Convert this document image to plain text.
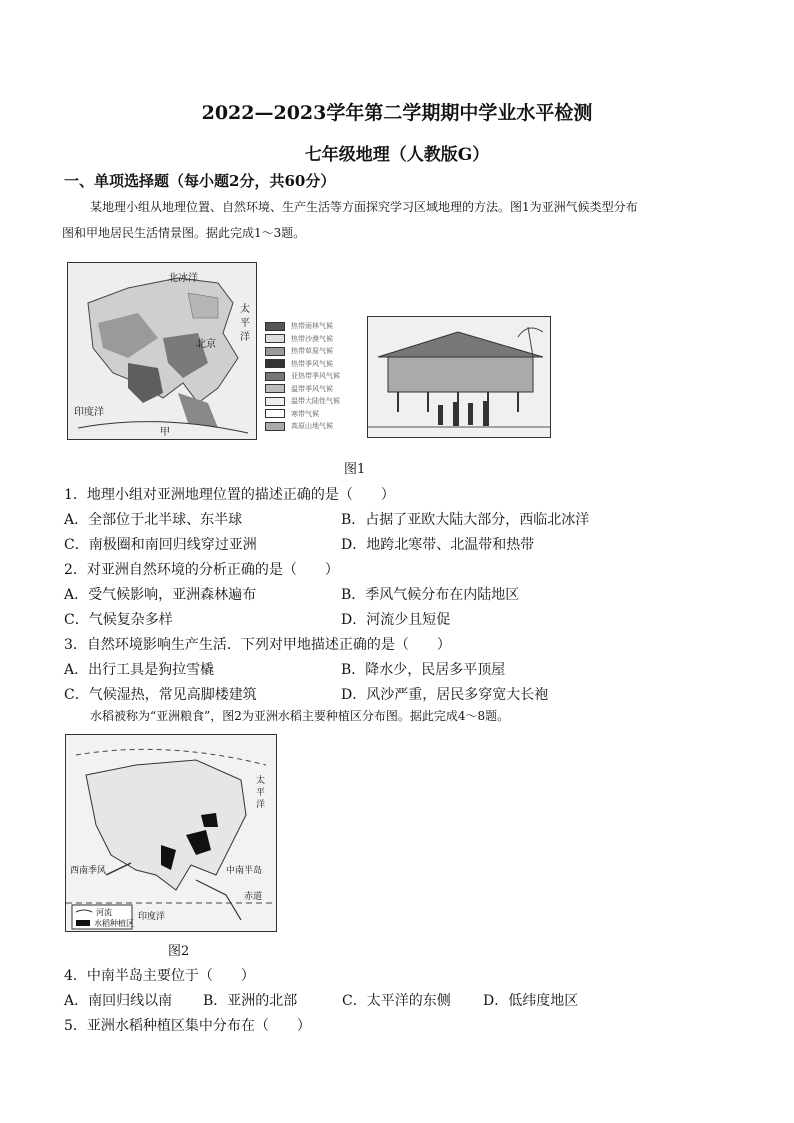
2022—2023学年第二学期期中学业水平检测
七年级地理（人教版G）
一、单项选择题（每小题2分，共60分）
某地理小组从地理位置、自然环境、生产生活等方面探究学习区域地理的方法。图1为亚洲气候类型分布
图和甲地居民生活情景图。据此完成1～3题。
北冰洋
太平洋
北京
印度洋
甲
热带雨林气候
热带沙漠气候
热带草原气候
热带季风气候
亚热带季风气候
温带季风气候
温带大陆性气候
寒带气候
高原山地气候
图1
1．地理小组对亚洲地理位置的描述正确的是（　　）
A．全部位于北半球、东半球	B．占据了亚欧大陆大部分，西临北冰洋
C．南极圈和南回归线穿过亚洲	D．地跨北寒带、北温带和热带
2．对亚洲自然环境的分析正确的是（　　）
A．受气候影响，亚洲森林遍布	B．季风气候分布在内陆地区
C．气候复杂多样	D．河流少且短促
3．自然环境影响生产生活．下列对甲地描述正确的是（　　）
A．出行工具是狗拉雪橇	B．降水少，民居多平顶屋
C．气候湿热，常见高脚楼建筑	D．风沙严重，居民多穿宽大长袍
水稻被称为“亚洲粮食”，图2为亚洲水稻主要种植区分布图。据此完成4～8题。
太平洋
中南半岛
赤道
西南季风
印度洋
河流
水稻种植区
图2
4．中南半岛主要位于（　　）
A．南回归线以南 B．亚洲的北部	C．太平洋的东侧 D．低纬度地区
5．亚洲水稻种植区集中分布在（　　）
